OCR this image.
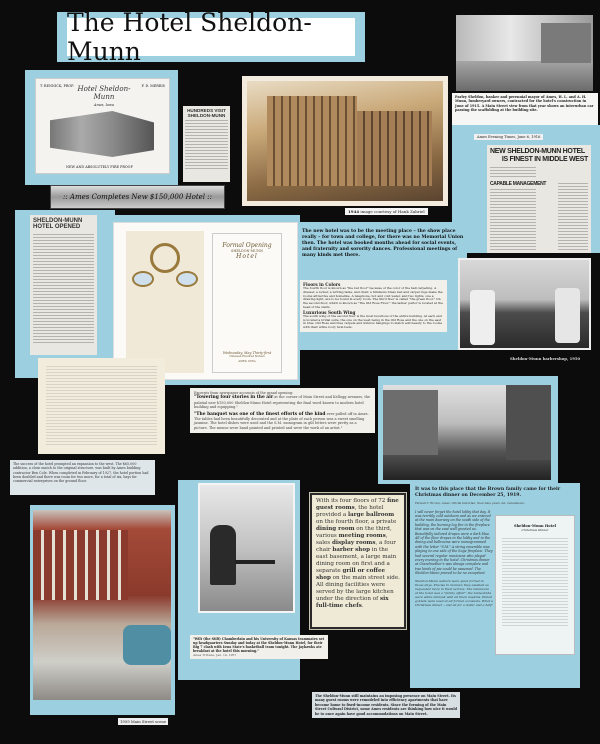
The Hotel Sheldon-Munn
Parley Sheldon, banker and perennial mayor of Ames, H. L. and A. H. Munn, lumberyard owners, contracted for the hotel's construction in June of 1915. A Main Street view from that year shows an interurban car passing the scaffolding at the building site.
Ames Evening Times, June 6, 1916
NEW SHELDON-MUNN HOTEL
IS FINEST IN MIDDLE WEST
CAPABLE MANAGEMENT
T. RENNICK, PROP.	F. D. MERRIS
Hotel Sheldon-Munn
Ames, Iowa
NEW AND ABSOLUTELY FIRE PROOF
HUNDREDS VISIT SHELDON-MUNN
:: Ames Completes New $150,000 Hotel ::
1944 image courtesy of Hank Zabriel
The new hotel was to be the meeting place – the show place really – for town and college, for there was no Memorial Union then. The hotel was booked months ahead for social events, and fraternity and sorority dances. Professional meetings of many kinds met there.
Floors in Colors
The fourth floor is known as "the red floor" because of the color of the hall carpeting. A dresser, a locker, a writing table, and chair, a Simmons brass bed and carpet rugs make the rooms attractive and homelike. A telephone, hot and cold water, and two lights, one a drawing light, are to be found in every room. The third floor is called "the green floor." On the second floor, which is known as "The Old Rose Floor," the ladies' parlor is located at the head of the stairs.
Luxurious South Wing
The south wing of the second floor is the most luxurious of the entire building. At each end is located a bridal suite, the one on the west being in the Old Rose and the one on the east in blue. Old Rose and blue carpets and window hangings to match add beauty to the rooms with their white ivory twin beds.
Sheldon-Munn barbershop, 1950
SHELDON-MUNN HOTEL OPENED
Formal Opening
SHELDON-MUNN
Hotel
Wednesday, May Thirty-first
Nineteen Hundred Sixteen
AMES, IOWA
Excerpts from newspaper accounts of the grand opening:
"Towering four stories in the air at the corner of Main Street and Kellogg avenues, the palatial new $150,000 Sheldon-Munn Hotel representing the final word known to modern hotel building and equipping."
"The banquet was one of the finest efforts of the kind ever pulled off in Ames. The tables had been beautifully decorated and at the plate of each person was a sweet smelling jasmine. The hotel dishes were used and the S.M. monogram in gilt letters were pretty as a picture. The menus were hand painted and printed and were the work of an artist."
The success of the hotel prompted an expansion to the west. The $65,000 addition, a close match to the original structure, was built by Ames building contractor Ben Cole. When completed in February of 1927, the hotel portion had been doubled and there was room for two more, for a total of six, bays for commercial enterprises on the ground floor.
1959 Main Street scene
"Wilt (the Stilt) Chamberlain and his University of Kansas teammates set up headquarters Sunday and today at the Sheldon-Munn Hotel, for their Big 7 clash with Iowa State's basketball team tonight. The Jayhawks ate breakfast at the hotel this morning."
Ames Tribune, Jan. 14, 1957
With its four floors of 72 fine guest rooms, the hotel provided a large ballroom on the fourth floor, a private dining room on the third, various meeting rooms, sales display rooms, a four chair barber shop in the east basement, a large main dining room on first and a separate grill or coffee shop on the main street side. All dining facilities were served by the large kitchen under the direction of six full-time chefs.
It was to this place that the Brown family came for their Christmas dinner on December 25, 1919.
Farwell T. Brown, Ames' official historian, then nine years old, remembers:
I will never forget the hotel lobby that day. It was terribly cold outdoors and as we entered at the main doorway on the south side of the building, the burning log fire in the fireplace that was on the east wall greeted us. Beautifully tailored drapes were a dark blue. All of the floor drapes in the lobby and in the dining and ballrooms were monogrammed with the letter "S.M." A string ensemble was playing to one side of the huge fireplace. They had several regular musicians who played every evening in the hotel. Christmas dinner at Grandmother's was always complete and two kinds of pie could be assumed. The Sheldon-Munn proved to be no exception!
Sheldon-Munn waiters were quiet formal in those days. Precise in manner, they assisted as requested more in their service. The tableware at the hotel was a "family affair": the tablecloths were white damask with all linen napkins. Plated goblets were used at all formal occasions. What a Christmas dinner – and all for a dollar and a half!
Sheldon-Munn Hotel
Christmas Dinner
The Sheldon-Munn still maintains an imposing presence on Main Street. Its many guest rooms were remodeled into efficiency apartments that have become home to fixed-income residents. Since the forming of the Main Street Cultural District, some Ames residents are thinking how nice it would be to once again have good accommodations on Main Street.
